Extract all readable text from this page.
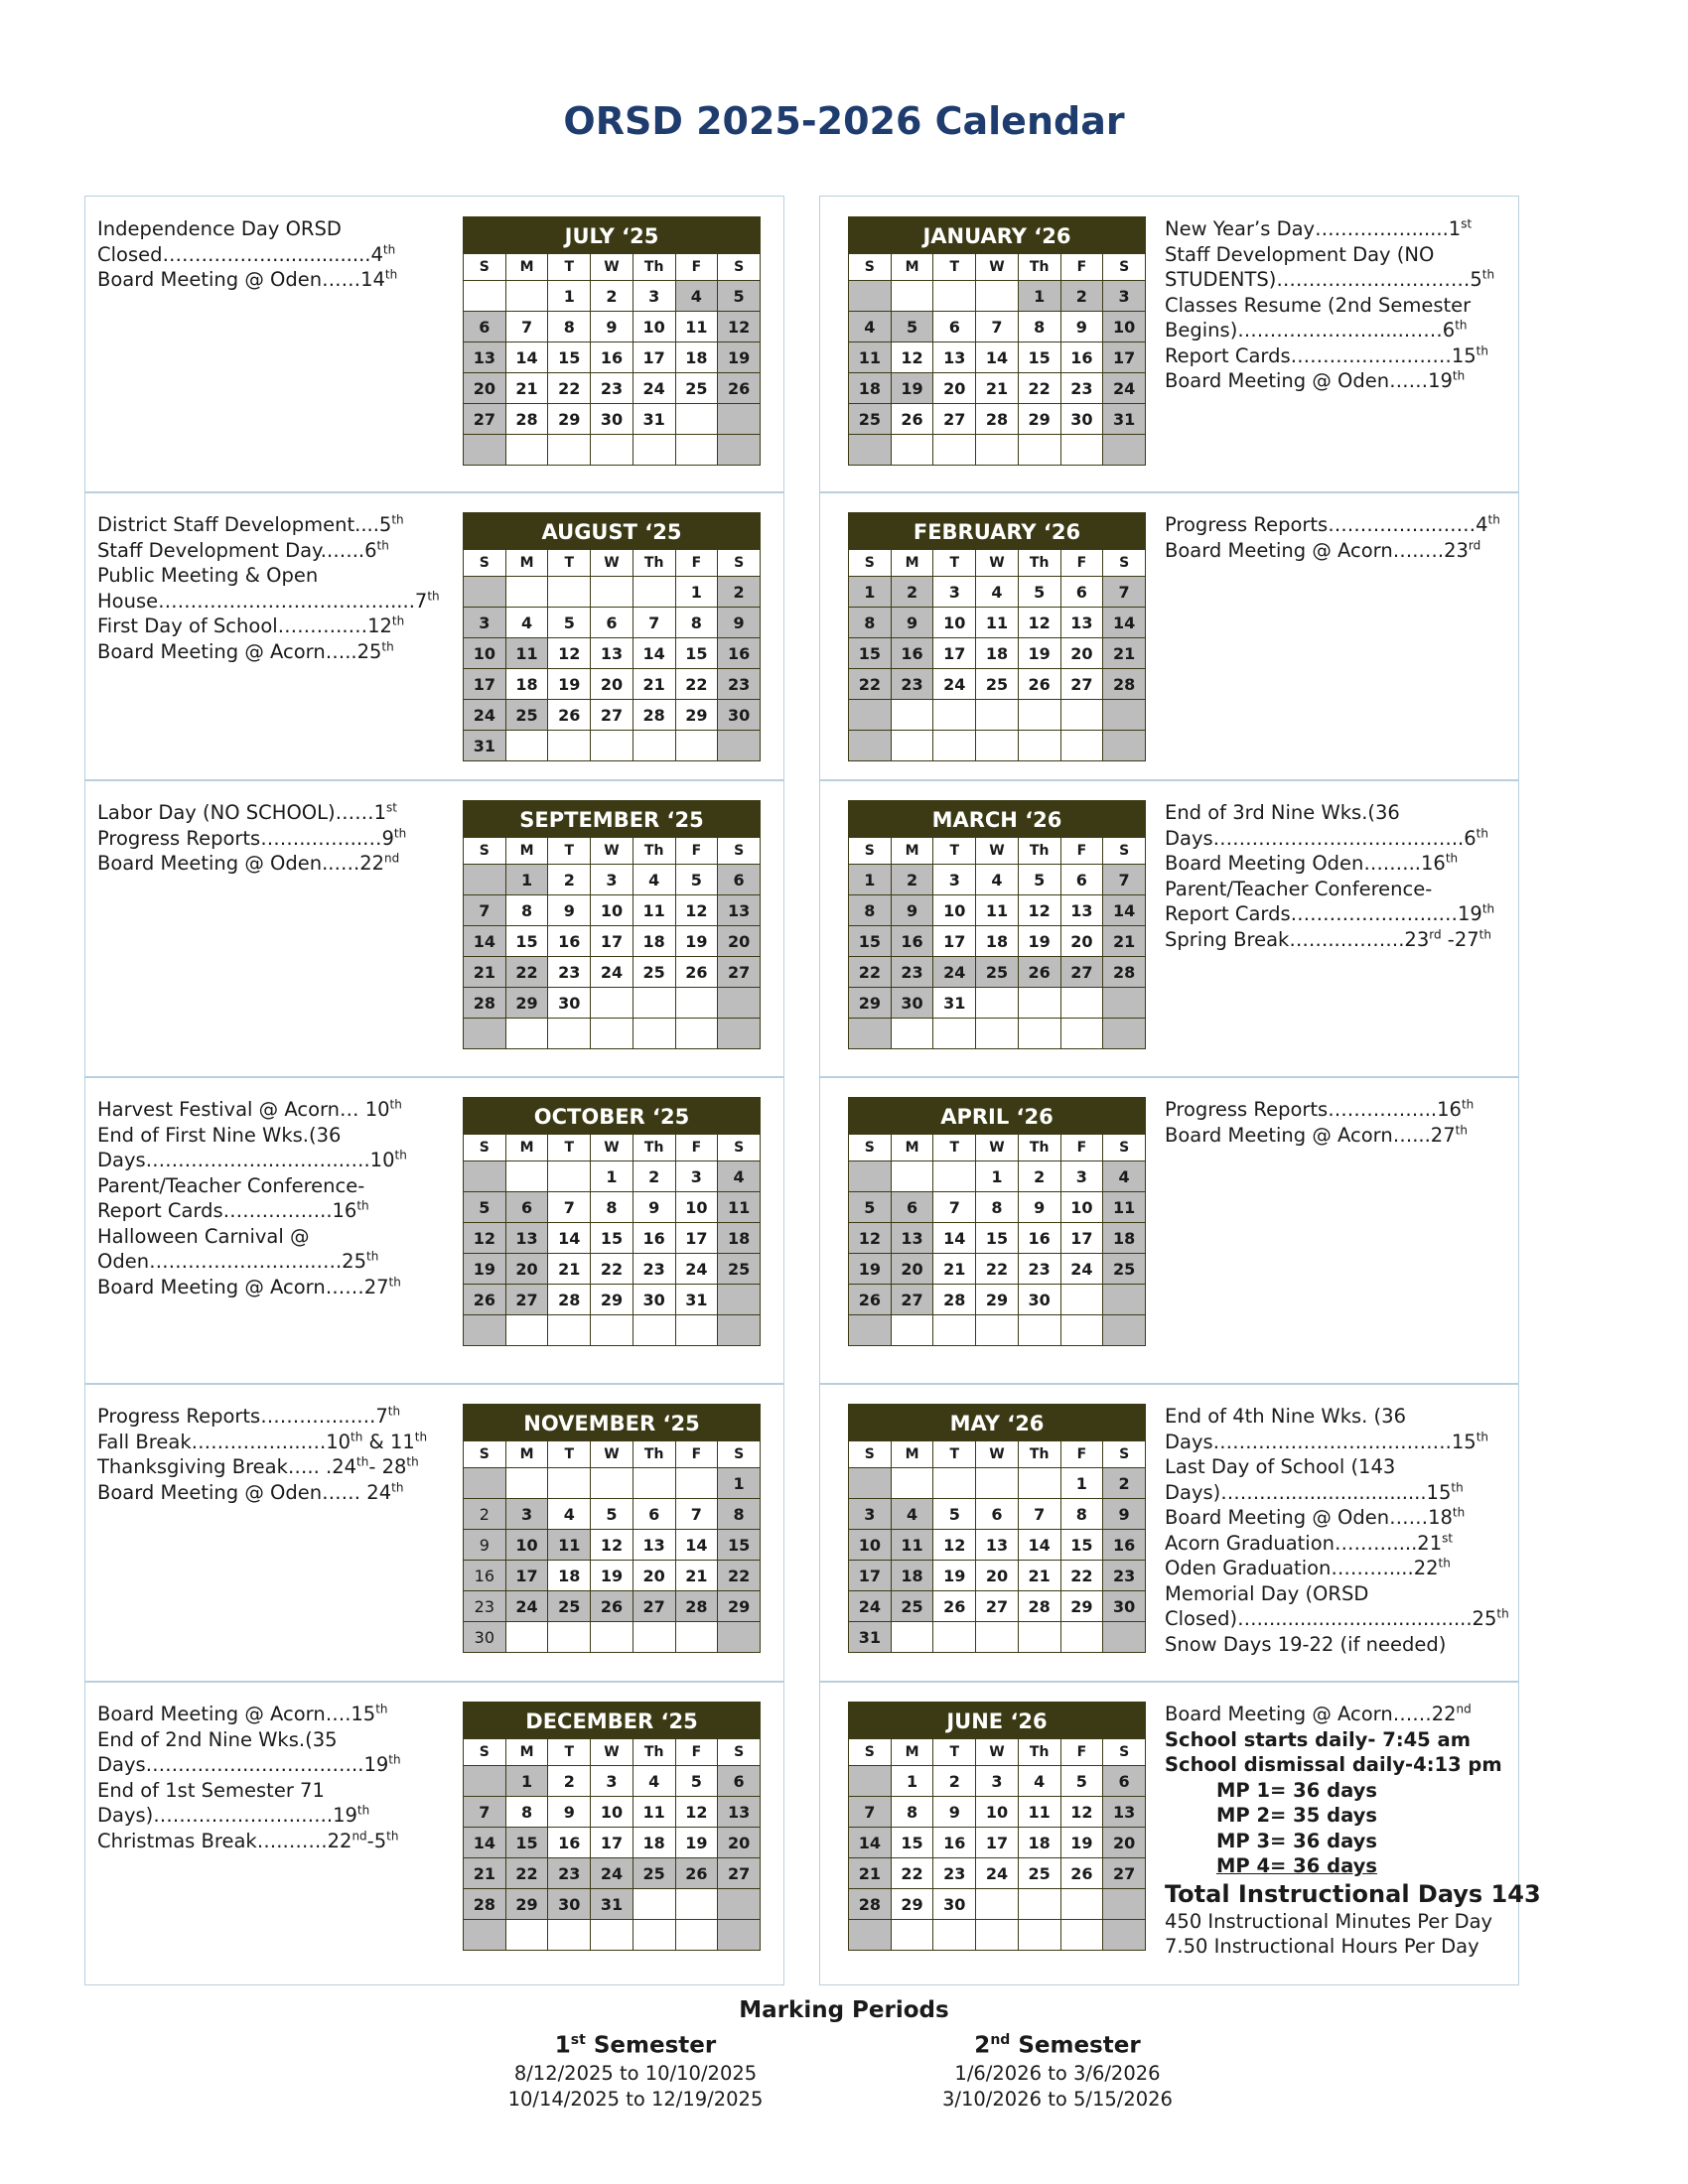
ORSD 2025-2026 Calendar
JULY ‘25
S	M	T	W	Th	F	S
		1	2	3	4	5
6	7	8	9	10	11	12
13	14	15	16	17	18	19
20	21	22	23	24	25	26
27	28	29	30	31		

Independence Day ORSD
Closed………………...............4th
Board Meeting @ Oden……14th
JANUARY ‘26
S	M	T	W	Th	F	S
				1	2	3
4	5	6	7	8	9	10
11	12	13	14	15	16	17
18	19	20	21	22	23	24
25	26	27	28	29	30	31

New Year’s Day……………......1st
Staff Development Day (NO
STUDENTS)…………………………5th
Classes Resume (2nd Semester
Begins)………………….....……6th
Report Cards……………….……15th
Board Meeting @ Oden……19th
AUGUST ‘25
S	M	T	W	Th	F	S
					1	2
3	4	5	6	7	8	9
10	11	12	13	14	15	16
17	18	19	20	21	22	23
24	25	26	27	28	29	30
31						
District Staff Development....5th
Staff Development Day..…..6th
Public Meeting & Open
House………………………………....7th
First Day of School………..…12th
Board Meeting @ Acorn…..25th
FEBRUARY ‘26
S	M	T	W	Th	F	S
1	2	3	4	5	6	7
8	9	10	11	12	13	14
15	16	17	18	19	20	21
22	23	24	25	26	27	28

Progress Reports……………..……4th
Board Meeting @ Acorn….….23rd
SEPTEMBER ‘25
S	M	T	W	Th	F	S
	1	2	3	4	5	6
7	8	9	10	11	12	13
14	15	16	17	18	19	20
21	22	23	24	25	26	27
28	29	30				

Labor Day (NO SCHOOL)……1st
Progress Reports……..……..…9th
Board Meeting @ Oden..….22nd
MARCH ‘26
S	M	T	W	Th	F	S
1	2	3	4	5	6	7
8	9	10	11	12	13	14
15	16	17	18	19	20	21
22	23	24	25	26	27	28
29	30	31				

End of 3rd Nine Wks.(36
Days………………………….……..6th
Board Meeting Oden….…..16th
Parent/Teacher Conference-
Report Cards…………………..…19th
Spring Break……..……….23rd -27th
OCTOBER ‘25
S	M	T	W	Th	F	S
			1	2	3	4
5	6	7	8	9	10	11
12	13	14	15	16	17	18
19	20	21	22	23	24	25
26	27	28	29	30	31	

Harvest Festival @ Acorn… 10th
End of First Nine Wks.(36
Days………………..………..….10th
Parent/Teacher Conference-
Report Cards……………..16th
Halloween Carnival @
Oden……………………..….25th
Board Meeting @ Acorn……27th
APRIL ‘26
S	M	T	W	Th	F	S
			1	2	3	4
5	6	7	8	9	10	11
12	13	14	15	16	17	18
19	20	21	22	23	24	25
26	27	28	29	30		

Progress Reports……………..16th
Board Meeting @ Acorn…...27th
NOVEMBER ‘25
S	M	T	W	Th	F	S
						1
2	3	4	5	6	7	8
9	10	11	12	13	14	15
16	17	18	19	20	21	22
23	24	25	26	27	28	29
30						
Progress Reports…………..….7th
Fall Break……………..….10th & 11th
Thanksgiving Break….. .24th- 28th
Board Meeting @ Oden…… 24th
MAY ‘26
S	M	T	W	Th	F	S
					1	2
3	4	5	6	7	8	9
10	11	12	13	14	15	16
17	18	19	20	21	22	23
24	25	26	27	28	29	30
31						
End of 4th Nine Wks. (36
Days……………………………….15th
Last Day of School (143
Days)…….….......................15th
Board Meeting @ Oden……18th
Acorn Graduation………....21st
Oden Graduation………....22th
Memorial Day (ORSD
Closed)…...................................25th
Snow Days 19-22 (if needed)
DECEMBER ‘25
S	M	T	W	Th	F	S
	1	2	3	4	5	6
7	8	9	10	11	12	13
14	15	16	17	18	19	20
21	22	23	24	25	26	27
28	29	30	31			

Board Meeting @ Acorn….15th
End of 2nd Nine Wks.(35
Days……………..……………..19th
End of 1st Semester 71
Days)…………………..…..19th
Christmas Break….…….22nd-5th
JUNE ‘26
S	M	T	W	Th	F	S
	1	2	3	4	5	6
7	8	9	10	11	12	13
14	15	16	17	18	19	20
21	22	23	24	25	26	27
28	29	30				

Board Meeting @ Acorn……22nd
School starts daily- 7:45 am
School dismissal daily-4:13 pm
MP 1= 36 days
MP 2= 35 days
MP 3= 36 days
MP 4= 36 days
Total Instructional Days 143
450 Instructional Minutes Per Day
7.50 Instructional Hours Per Day
Marking Periods
1st Semester
8/12/2025 to 10/10/2025
10/14/2025 to 12/19/2025
2nd Semester
1/6/2026 to 3/6/2026
3/10/2026 to 5/15/2026
